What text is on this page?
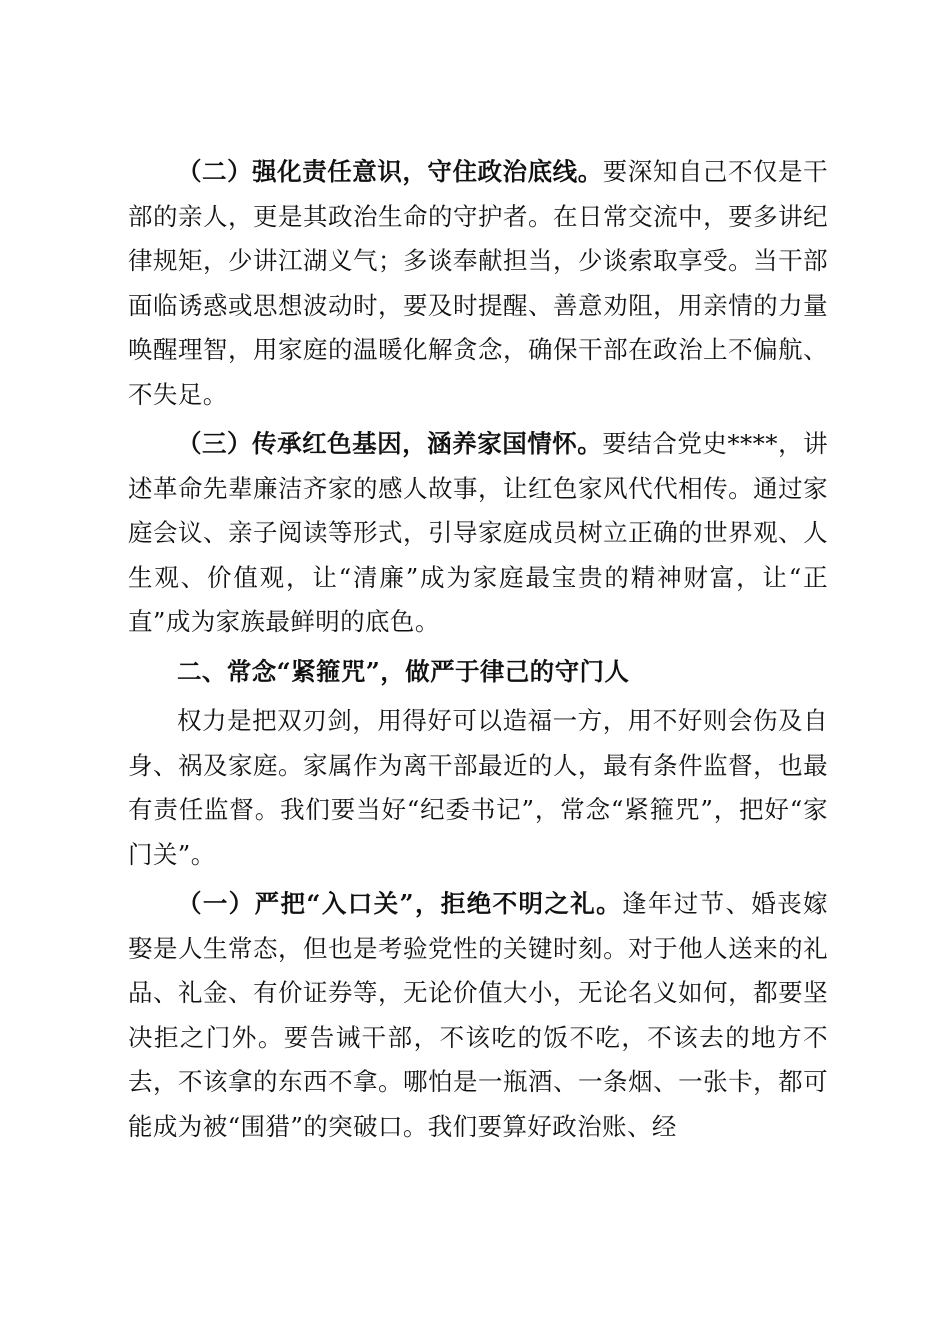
（二）强化责任意识，守住政治底线。要深知自己不仅是干部的亲人，更是其政治生命的守护者。在日常交流中，要多讲纪律规矩，少讲江湖义气；多谈奉献担当，少谈索取享受。当干部面临诱惑或思想波动时，要及时提醒、善意劝阻，用亲情的力量唤醒理智，用家庭的温暖化解贪念，确保干部在政治上不偏航、不失足。

（三）传承红色基因，涵养家国情怀。要结合党史****，讲述革命先辈廉洁齐家的感人故事，让红色家风代代相传。通过家庭会议、亲子阅读等形式，引导家庭成员树立正确的世界观、人生观、价值观，让“清廉”成为家庭最宝贵的精神财富，让“正直”成为家族最鲜明的底色。

二、常念“紧箍咒”，做严于律己的守门人

权力是把双刃剑，用得好可以造福一方，用不好则会伤及自身、祸及家庭。家属作为离干部最近的人，最有条件监督，也最有责任监督。我们要当好“纪委书记”，常念“紧箍咒”，把好“家门关”。

（一）严把“入口关”，拒绝不明之礼。逢年过节、婚丧嫁娶是人生常态，但也是考验党性的关键时刻。对于他人送来的礼品、礼金、有价证券等，无论价值大小，无论名义如何，都要坚决拒之门外。要告诫干部，不该吃的饭不吃，不该去的地方不去，不该拿的东西不拿。哪怕是一瓶酒、一条烟、一张卡，都可能成为被“围猎”的突破口。我们要算好政治账、经
